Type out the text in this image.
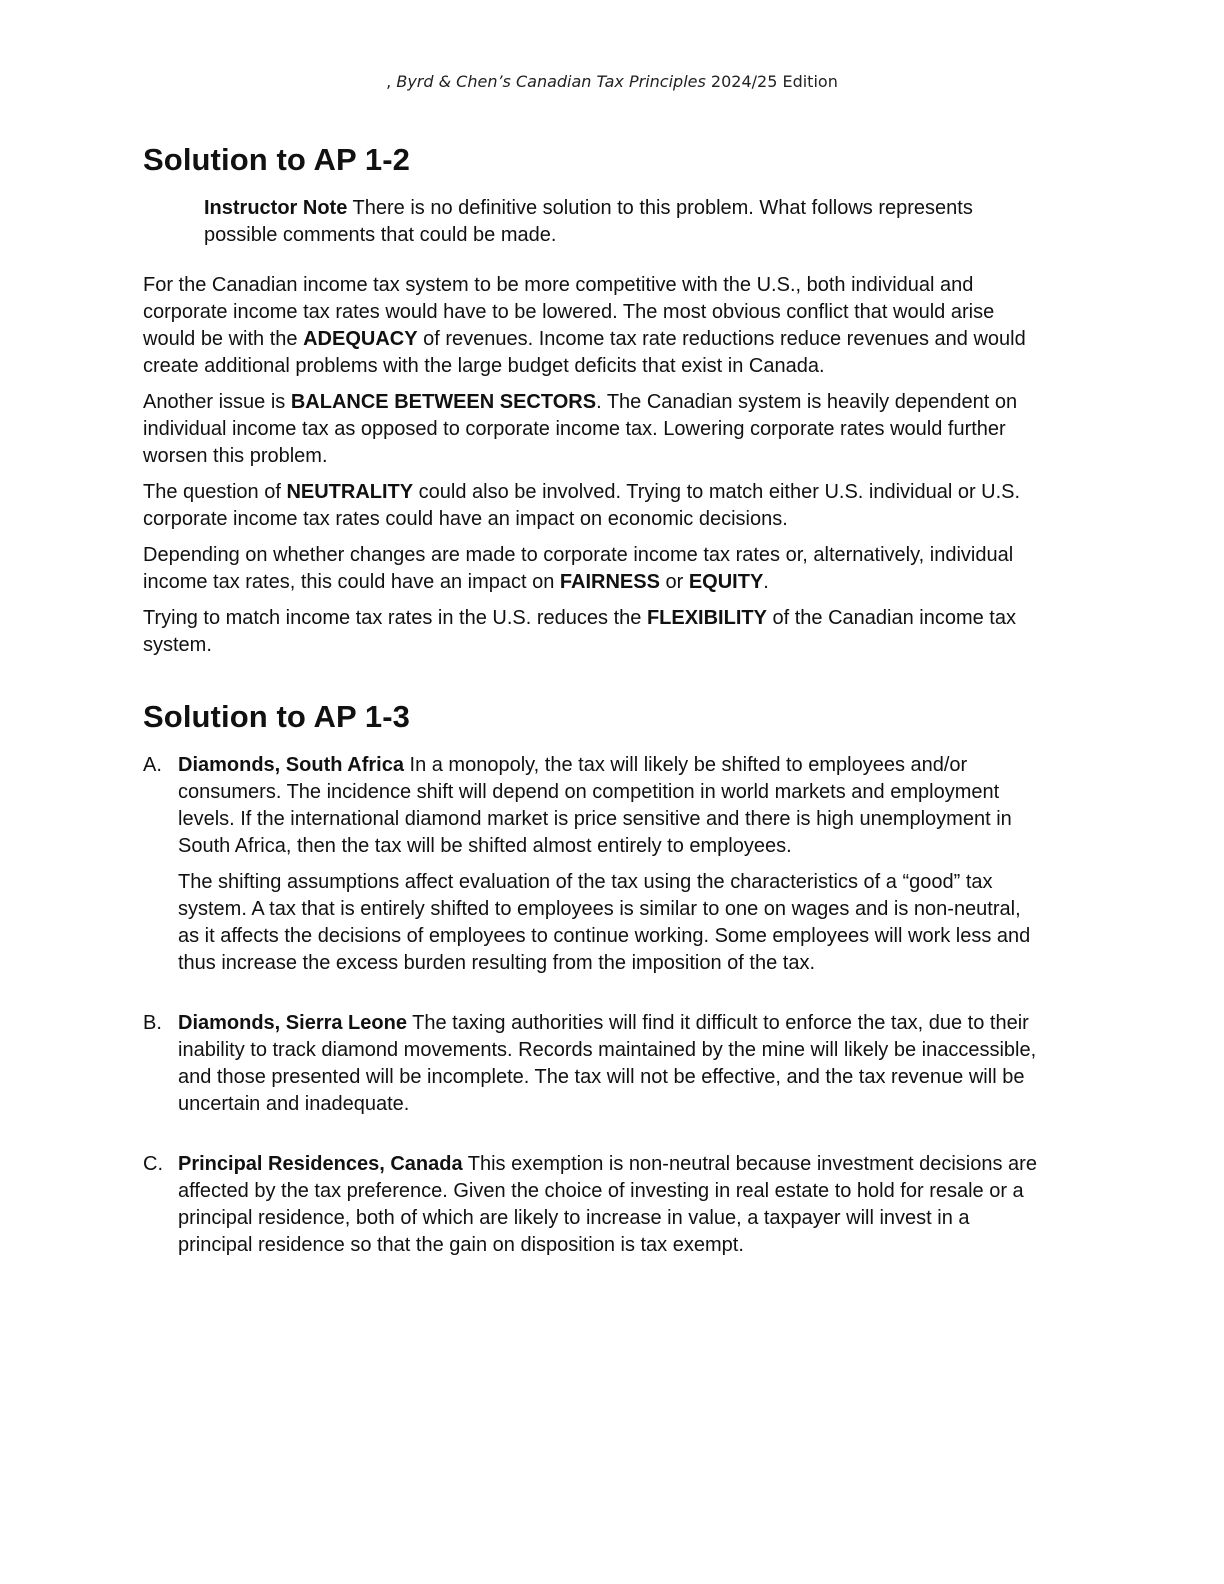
, Byrd & Chen’s Canadian Tax Principles 2024/25 Edition
Solution to AP 1-2

Instructor Note There is no definitive solution to this problem. What follows represents possible comments that could be made.

For the Canadian income tax system to be more competitive with the U.S., both individual and corporate income tax rates would have to be lowered. The most obvious conflict that would arise would be with the ADEQUACY of revenues. Income tax rate reductions reduce revenues and would create additional problems with the large budget deficits that exist in Canada.

Another issue is BALANCE BETWEEN SECTORS. The Canadian system is heavily dependent on individual income tax as opposed to corporate income tax. Lowering corporate rates would further worsen this problem.

The question of NEUTRALITY could also be involved. Trying to match either U.S. individual or U.S. corporate income tax rates could have an impact on economic decisions.

Depending on whether changes are made to corporate income tax rates or, alternatively, individual income tax rates, this could have an impact on FAIRNESS or EQUITY.

Trying to match income tax rates in the U.S. reduces the FLEXIBILITY of the Canadian income tax system.

Solution to AP 1-3
A. Diamonds, South Africa In a monopoly, the tax will likely be shifted to employees and/or consumers. The incidence shift will depend on competition in world markets and employment levels. If the international diamond market is price sensitive and there is high unemployment in South Africa, then the tax will be shifted almost entirely to employees.

The shifting assumptions affect evaluation of the tax using the characteristics of a “good” tax system. A tax that is entirely shifted to employees is similar to one on wages and is non-neutral, as it affects the decisions of employees to continue working. Some employees will work less and thus increase the excess burden resulting from the imposition of the tax.

B. Diamonds, Sierra Leone The taxing authorities will find it difficult to enforce the tax, due to their inability to track diamond movements. Records maintained by the mine will likely be inaccessible, and those presented will be incomplete. The tax will not be effective, and the tax revenue will be uncertain and inadequate.

C. Principal Residences, Canada This exemption is non-neutral because investment decisions are affected by the tax preference. Given the choice of investing in real estate to hold for resale or a principal residence, both of which are likely to increase in value, a taxpayer will invest in a principal residence so that the gain on disposition is tax exempt.
